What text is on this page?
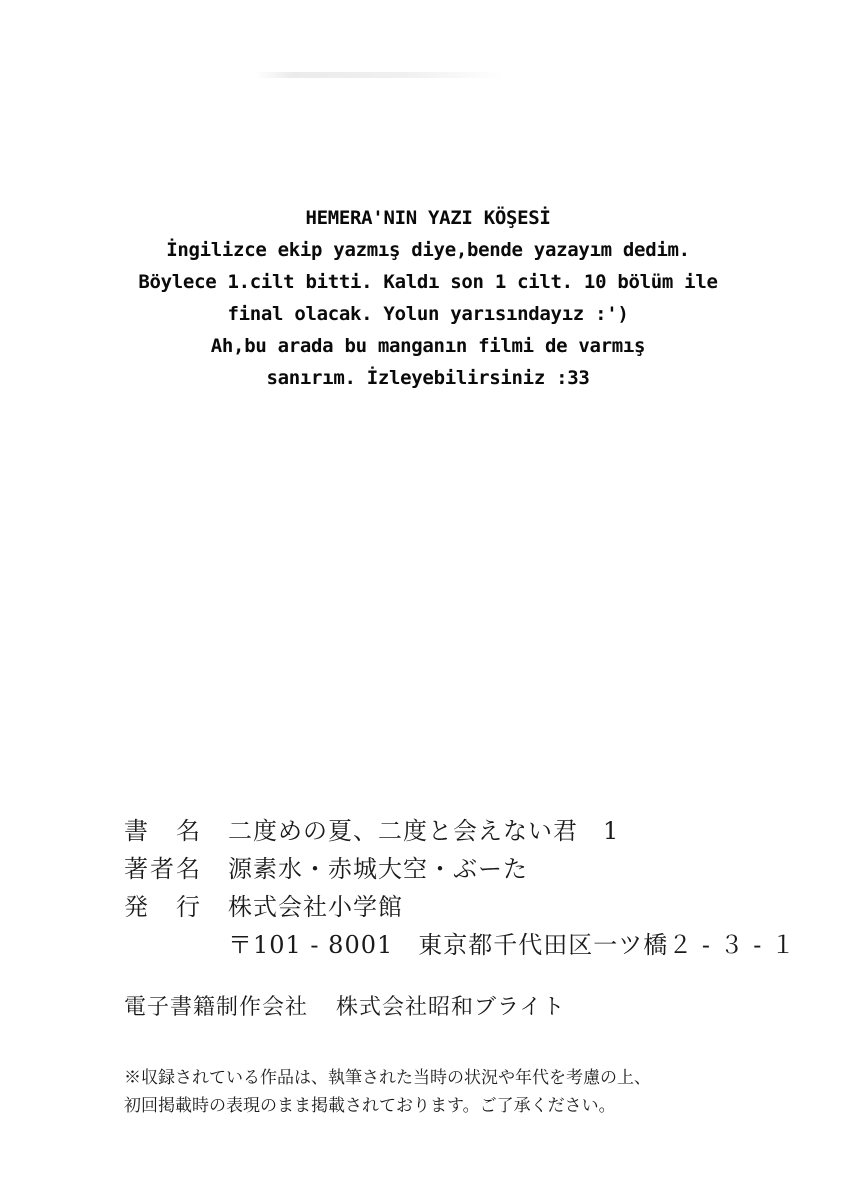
HEMERA'NIN YAZI KÖŞESİ
İngilizce ekip yazmış diye,bende yazayım dedim.
Böylece 1.cilt bitti. Kaldı son 1 cilt. 10 bölüm ile
final olacak. Yolun yarısındayız :')
Ah,bu arada bu manganın filmi de varmış
sanırım. İzleyebilirsiniz :33
書　名 二度めの夏、二度と会えない君　1
著者名 源素水・赤城大空・ぶーた
発　行 株式会社小学館
〒101 - 8001　東京都千代田区一ツ橋２ - ３ - １
電子書籍制作会社 株式会社昭和ブライト
※収録されている作品は、執筆された当時の状況や年代を考慮の上、
初回掲載時の表現のまま掲載されております。ご了承ください。
